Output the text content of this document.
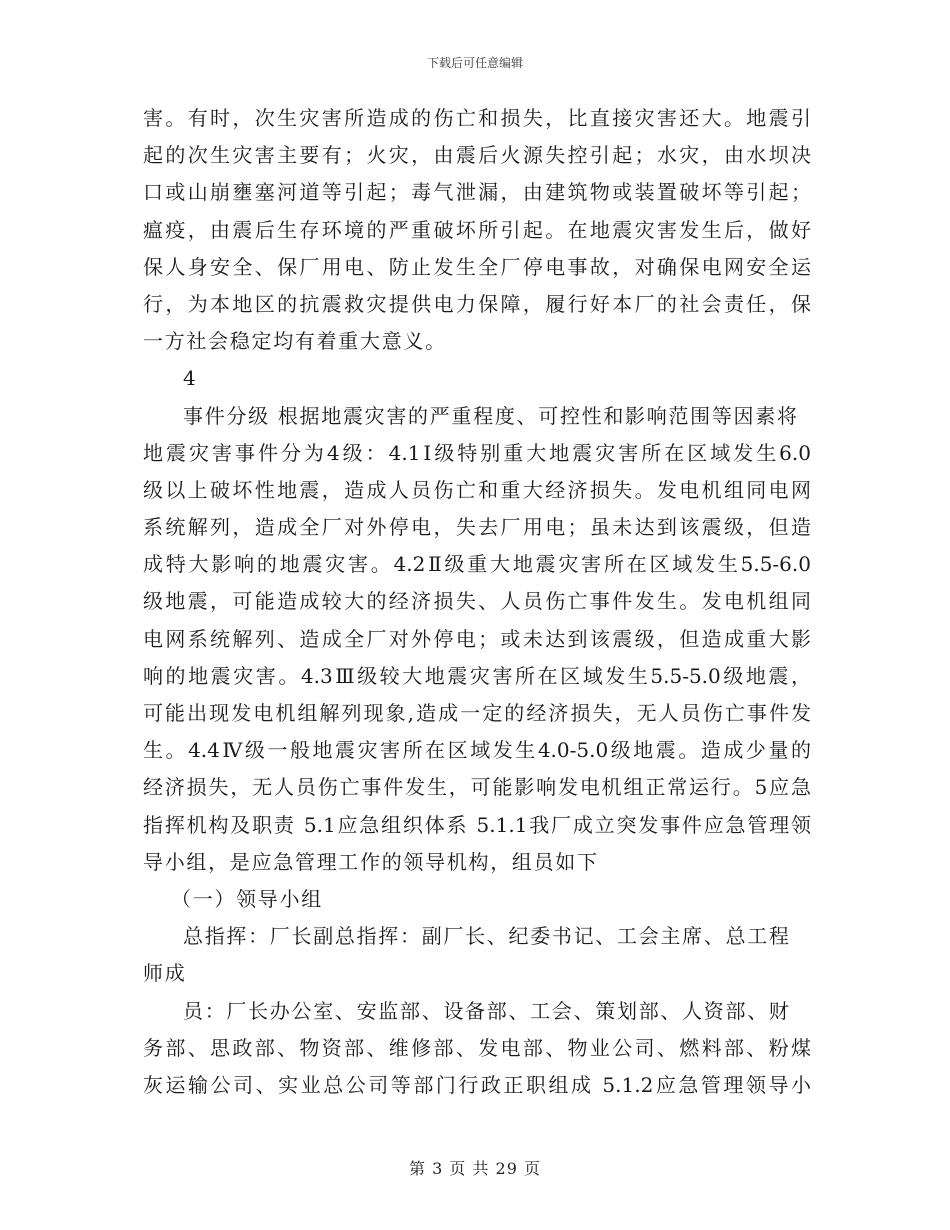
下载后可任意编辑
害。有时，次生灾害所造成的伤亡和损失，比直接灾害还大。地震引
起的次生灾害主要有；火灾，由震后火源失控引起；水灾，由水坝决
口或山崩壅塞河道等引起；毒气泄漏，由建筑物或装置破坏等引起；
瘟疫，由震后生存环境的严重破坏所引起。在地震灾害发生后，做好
保人身安全、保厂用电、防止发生全厂停电事故，对确保电网安全运
行，为本地区的抗震救灾提供电力保障，履行好本厂的社会责任，保
一方社会稳定均有着重大意义。
4
事件分级 根据地震灾害的严重程度、可控性和影响范围等因素将
地震灾害事件分为4级：4.1Ⅰ级特别重大地震灾害所在区域发生6.0
级以上破坏性地震，造成人员伤亡和重大经济损失。发电机组同电网
系统解列，造成全厂对外停电，失去厂用电；虽未达到该震级，但造
成特大影响的地震灾害。4.2Ⅱ级重大地震灾害所在区域发生5.5-6.0
级地震，可能造成较大的经济损失、人员伤亡事件发生。发电机组同
电网系统解列、造成全厂对外停电；或未达到该震级，但造成重大影
响的地震灾害。4.3Ⅲ级较大地震灾害所在区域发生5.5-5.0级地震，
可能出现发电机组解列现象,造成一定的经济损失，无人员伤亡事件发
生。4.4Ⅳ级一般地震灾害所在区域发生4.0-5.0级地震。造成少量的
经济损失，无人员伤亡事件发生，可能影响发电机组正常运行。5应急
指挥机构及职责 5.1应急组织体系 5.1.1我厂成立突发事件应急管理领
导小组，是应急管理工作的领导机构，组员如下
（一）领导小组
总指挥：厂长副总指挥：副厂长、纪委书记、工会主席、总工程
师成
员：厂长办公室、安监部、设备部、工会、策划部、人资部、财
务部、思政部、物资部、维修部、发电部、物业公司、燃料部、粉煤
灰运输公司、实业总公司等部门行政正职组成 5.1.2应急管理领导小
第 3 页 共 29 页
